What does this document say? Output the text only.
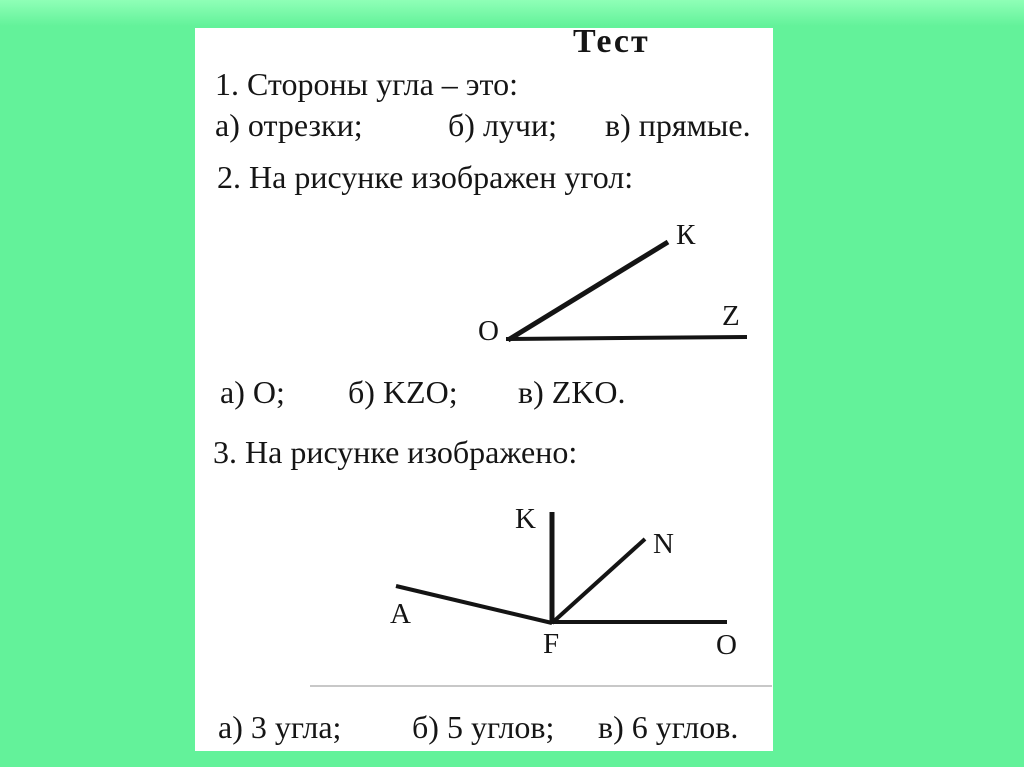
Тест
1. Стороны угла – это:
а) отрезки;	б) лучи; в) прямые.
2. На рисунке изображен угол:
О
К
Z
а) О; б) KZO; в) ZKO.
3. На рисунке изображено:
K
N
A
F	O
а) 3 угла; б) 5 углов; в) 6 углов.
